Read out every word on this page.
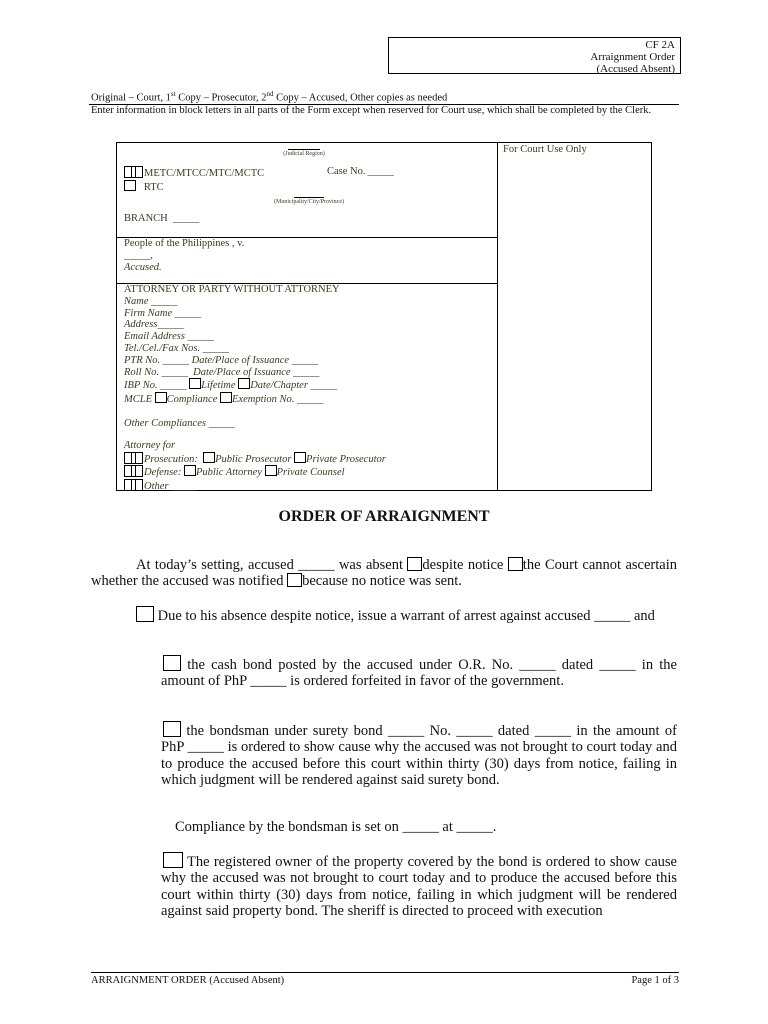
CF 2A
Arraignment Order
(Accused Absent)
Original – Court, 1st Copy – Prosecutor, 2nd Copy – Accused, Other copies as needed
Enter information in block letters in all parts of the Form except when reserved for Court use, which shall be completed by the Clerk.
For Court Use Only
(Judicial Region)
METC/MTCC/MTC/MCTC
RTC
Case No.  _____
(Municipality/City/Province)
BRANCH _____
People of the Philippines , v.
_____,
Accused.
ATTORNEY OR PARTY WITHOUT ATTORNEY
Name _____
Firm Name _____
Address_____
Email Address _____
Tel./Cel./Fax Nos. _____
PTR No. _____ Date/Place of Issuance _____
Roll No. _____ Date/Place of Issuance _____
IBP No. _____ Lifetime Date/Chapter _____
MCLE Compliance Exemption No. _____
Other Compliances _____
Attorney for
Prosecution: Public Prosecutor Private Prosecutor
Defense: Public Attorney Private Counsel
Other _____
ORDER OF ARRAIGNMENT
At today’s setting, accused _____ was absent despite notice the Court cannot ascertain whether the accused was notified because no notice was sent.
Due to his absence despite notice, issue a warrant of arrest against accused _____ and
the cash bond posted by the accused under O.R. No. _____ dated _____ in the amount of PhP _____ is ordered forfeited in favor of the government.
the bondsman under surety bond _____ No. _____ dated _____ in the amount of PhP _____ is ordered to show cause why the accused was not brought to court today and to produce the accused before this court within thirty (30) days from notice, failing in which judgment will be rendered against said surety bond.
Compliance by the bondsman is set on _____ at _____.
The registered owner of the property covered by the bond is ordered to show cause why the accused was not brought to court today and to produce the accused before this court within thirty (30) days from notice, failing in which judgment will be rendered against said property bond. The sheriff is directed to proceed with execution
ARRAIGNMENT ORDER (Accused Absent)	Page 1 of 3
